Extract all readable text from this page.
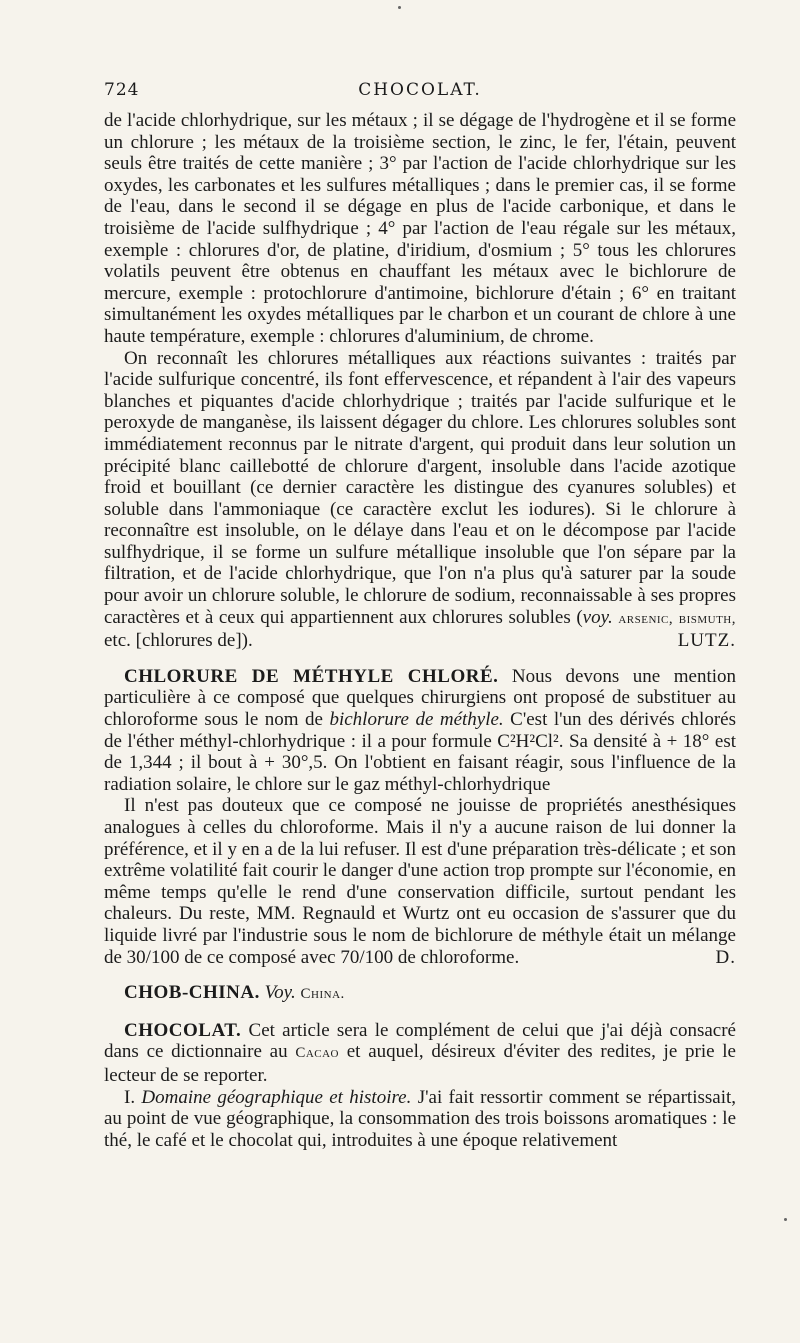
724	CHOCOLAT.

de l'acide chlorhydrique, sur les métaux ; il se dégage de l'hydrogène et il se forme un chlorure ; les métaux de la troisième section, le zinc, le fer, l'étain, peuvent seuls être traités de cette manière ; 3° par l'action de l'acide chlorhydrique sur les oxydes, les carbonates et les sulfures métalliques ; dans le premier cas, il se forme de l'eau, dans le second il se dégage en plus de l'acide carbonique, et dans le troisième de l'acide sulfhydrique ; 4° par l'action de l'eau régale sur les métaux, exemple : chlorures d'or, de platine, d'iridium, d'osmium ; 5° tous les chlorures volatils peuvent être obtenus en chauffant les métaux avec le bichlorure de mercure, exemple : protochlorure d'antimoine, bichlorure d'étain ; 6° en traitant simultanément les oxydes métalliques par le charbon et un courant de chlore à une haute température, exemple : chlorures d'aluminium, de chrome.

On reconnaît les chlorures métalliques aux réactions suivantes : traités par l'acide sulfurique concentré, ils font effervescence, et répandent à l'air des vapeurs blanches et piquantes d'acide chlorhydrique ; traités par l'acide sulfurique et le peroxyde de manganèse, ils laissent dégager du chlore. Les chlorures solubles sont immédiatement reconnus par le nitrate d'argent, qui produit dans leur solution un précipité blanc caillebotté de chlorure d'argent, insoluble dans l'acide azotique froid et bouillant (ce dernier caractère les distingue des cyanures solubles) et soluble dans l'ammoniaque (ce caractère exclut les iodures). Si le chlorure à reconnaître est insoluble, on le délaye dans l'eau et on le décompose par l'acide sulfhydrique, il se forme un sulfure métallique insoluble que l'on sépare par la filtration, et de l'acide chlorhydrique, que l'on n'a plus qu'à saturer par la soude pour avoir un chlorure soluble, le chlorure de sodium, reconnaissable à ses propres caractères et à ceux qui appartiennent aux chlorures solubles (voy. arsenic, bismuth, etc. [chlorures de]).	LUTZ.

CHLORURE DE MÉTHYLE CHLORÉ. Nous devons une mention particulière à ce composé que quelques chirurgiens ont proposé de substituer au chloroforme sous le nom de bichlorure de méthyle. C'est l'un des dérivés chlorés de l'éther méthyl-chlorhydrique : il a pour formule C²H²Cl². Sa densité à + 18° est de 1,344 ; il bout à + 30°,5. On l'obtient en faisant réagir, sous l'influence de la radiation solaire, le chlore sur le gaz méthyl-chlorhydrique

Il n'est pas douteux que ce composé ne jouisse de propriétés anesthésiques analogues à celles du chloroforme. Mais il n'y a aucune raison de lui donner la préférence, et il y en a de la lui refuser. Il est d'une préparation très-délicate ; et son extrême volatilité fait courir le danger d'une action trop prompte sur l'économie, en même temps qu'elle le rend d'une conservation difficile, surtout pendant les chaleurs. Du reste, MM. Regnauld et Wurtz ont eu occasion de s'assurer que du liquide livré par l'industrie sous le nom de bichlorure de méthyle était un mélange de 30/100 de ce composé avec 70/100 de chloroforme.	D.

CHOB-CHINA. Voy. China.

CHOCOLAT. Cet article sera le complément de celui que j'ai déjà consacré dans ce dictionnaire au Cacao et auquel, désireux d'éviter des redites, je prie le lecteur de se reporter.

I. Domaine géographique et histoire. J'ai fait ressortir comment se répartissait, au point de vue géographique, la consommation des trois boissons aromatiques : le thé, le café et le chocolat qui, introduites à une époque relativement
